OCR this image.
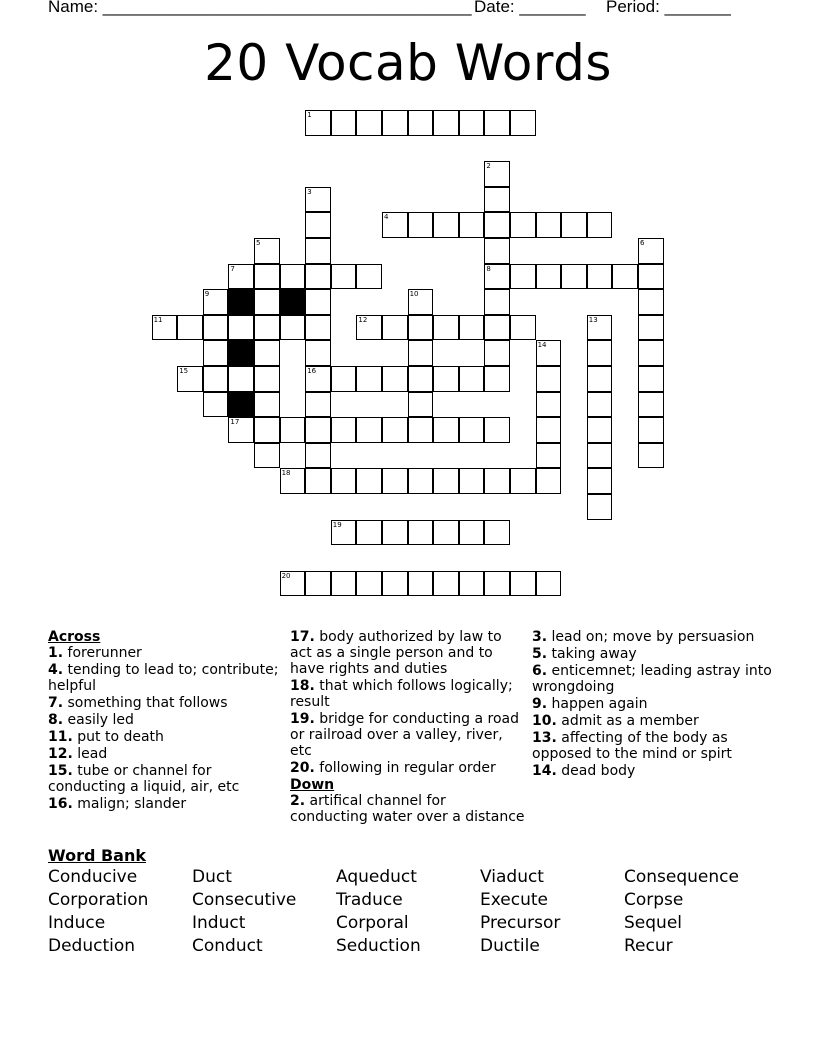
Name: _______________________________________ Date: _______ Period: _______
20 Vocab Words
1
2
8
3
16
4
5	6
7
9	10
11	12	13
14
15
17
18
19
20
Across
1. forerunner
4. tending to lead to; contribute; helpful
7. something that follows
8. easily led
11. put to death
12. lead
15. tube or channel for conducting a liquid, air, etc
16. malign; slander
17. body authorized by law to act as a single person and to have rights and duties
18. that which follows logically; result
19. bridge for conducting a road or railroad over a valley, river, etc
20. following in regular order
Down
2. artifical channel for conducting water over a distance
3. lead on; move by persuasion
5. taking away
6. enticemnet; leading astray into wrongdoing
9. happen again
10. admit as a member
13. affecting of the body as opposed to the mind or spirt
14. dead body
Word Bank
Conducive	Duct	Aqueduct	Viaduct	Consequence
Corporation	Consecutive	Traduce	Execute	Corpse
Induce	Induct	Corporal	Precursor	Sequel
Deduction	Conduct	Seduction	Ductile	Recur
